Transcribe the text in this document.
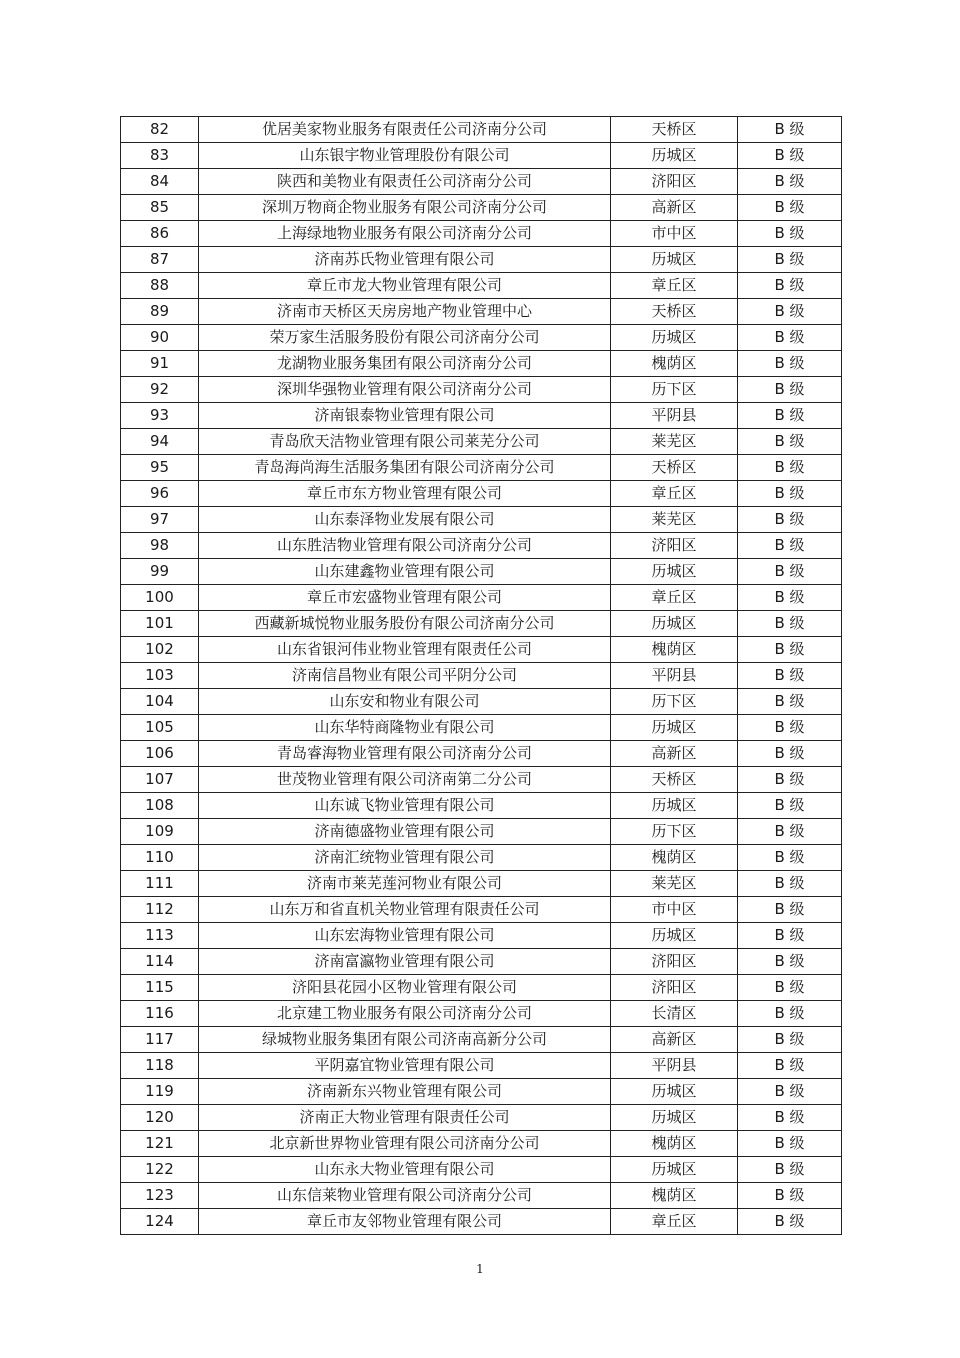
82	优居美家物业服务有限责任公司济南分公司	天桥区	B 级
83	山东银宇物业管理股份有限公司	历城区	B 级
84	陕西和美物业有限责任公司济南分公司	济阳区	B 级
85	深圳万物商企物业服务有限公司济南分公司	高新区	B 级
86	上海绿地物业服务有限公司济南分公司	市中区	B 级
87	济南苏氏物业管理有限公司	历城区	B 级
88	章丘市龙大物业管理有限公司	章丘区	B 级
89	济南市天桥区天房房地产物业管理中心	天桥区	B 级
90	荣万家生活服务股份有限公司济南分公司	历城区	B 级
91	龙湖物业服务集团有限公司济南分公司	槐荫区	B 级
92	深圳华强物业管理有限公司济南分公司	历下区	B 级
93	济南银泰物业管理有限公司	平阴县	B 级
94	青岛欣天洁物业管理有限公司莱芜分公司	莱芜区	B 级
95	青岛海尚海生活服务集团有限公司济南分公司	天桥区	B 级
96	章丘市东方物业管理有限公司	章丘区	B 级
97	山东泰泽物业发展有限公司	莱芜区	B 级
98	山东胜洁物业管理有限公司济南分公司	济阳区	B 级
99	山东建鑫物业管理有限公司	历城区	B 级
100	章丘市宏盛物业管理有限公司	章丘区	B 级
101	西藏新城悦物业服务股份有限公司济南分公司	历城区	B 级
102	山东省银河伟业物业管理有限责任公司	槐荫区	B 级
103	济南信昌物业有限公司平阴分公司	平阴县	B 级
104	山东安和物业有限公司	历下区	B 级
105	山东华特商隆物业有限公司	历城区	B 级
106	青岛睿海物业管理有限公司济南分公司	高新区	B 级
107	世茂物业管理有限公司济南第二分公司	天桥区	B 级
108	山东诚飞物业管理有限公司	历城区	B 级
109	济南德盛物业管理有限公司	历下区	B 级
110	济南汇统物业管理有限公司	槐荫区	B 级
111	济南市莱芜莲河物业有限公司	莱芜区	B 级
112	山东万和省直机关物业管理有限责任公司	市中区	B 级
113	山东宏海物业管理有限公司	历城区	B 级
114	济南富瀛物业管理有限公司	济阳区	B 级
115	济阳县花园小区物业管理有限公司	济阳区	B 级
116	北京建工物业服务有限公司济南分公司	长清区	B 级
117	绿城物业服务集团有限公司济南高新分公司	高新区	B 级
118	平阴嘉宜物业管理有限公司	平阴县	B 级
119	济南新东兴物业管理有限公司	历城区	B 级
120	济南正大物业管理有限责任公司	历城区	B 级
121	北京新世界物业管理有限公司济南分公司	槐荫区	B 级
122	山东永大物业管理有限公司	历城区	B 级
123	山东信莱物业管理有限公司济南分公司	槐荫区	B 级
124	章丘市友邻物业管理有限公司	章丘区	B 级
1
